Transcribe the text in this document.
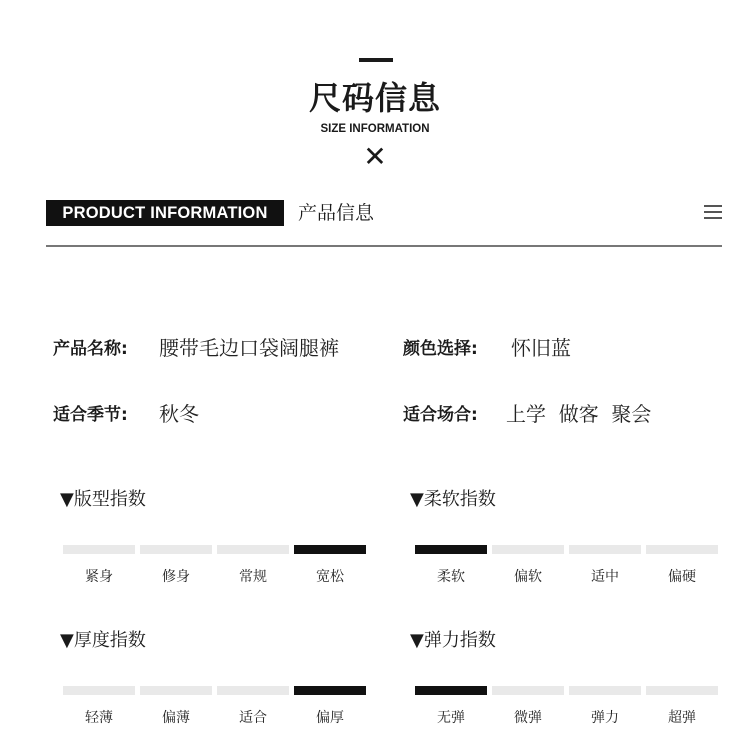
尺码信息
SIZE INFORMATION
✕
PRODUCT INFORMATION	产品信息
产品名称: 腰带毛边口袋阔腿裤	颜色选择: 怀旧蓝
适合季节: 秋冬	适合场合: 上学  做客  聚会
▼版型指数
紧身	修身	常规	宽松
▼柔软指数
柔软	偏软	适中	偏硬
▼厚度指数
轻薄	偏薄	适合	偏厚
▼弹力指数
无弹	微弹	弹力	超弹
